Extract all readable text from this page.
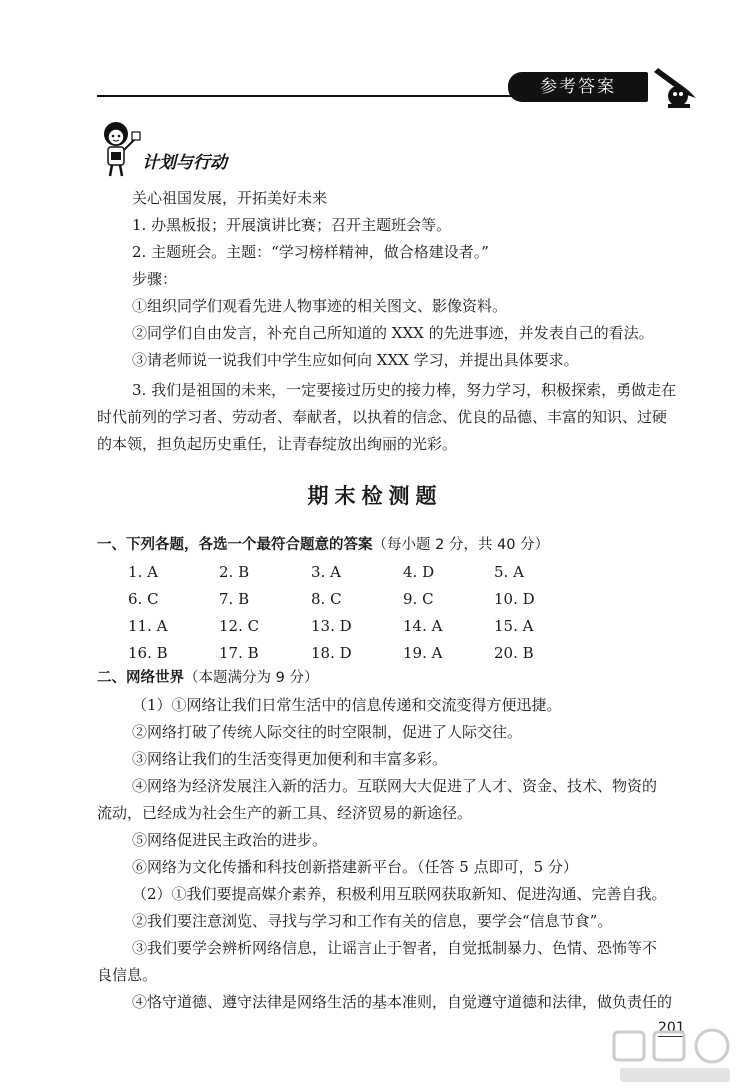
参考答案
计划与行动
关心祖国发展，开拓美好未来
1. 办黑板报；开展演讲比赛；召开主题班会等。
2. 主题班会。主题：“学习榜样精神，做合格建设者。”
步骤：
①组织同学们观看先进人物事迹的相关图文、影像资料。
②同学们自由发言，补充自己所知道的 XXX 的先进事迹，并发表自己的看法。
③请老师说一说我们中学生应如何向 XXX 学习，并提出具体要求。
3. 我们是祖国的未来，一定要接过历史的接力棒，努力学习，积极探索，勇做走在时代前列的学习者、劳动者、奉献者，以执着的信念、优良的品德、丰富的知识、过硬的本领，担负起历史重任，让青春绽放出绚丽的光彩。
期末检测题
一、下列各题，各选一个最符合题意的答案（每小题 2 分，共 40 分）
1. A	2. B	3. A	4. D	5. A
6. C	7. B	8. C	9. C	10. D
11. A	12. C	13. D	14. A	15. A
16. B	17. B	18. D	19. A	20. B
二、网络世界（本题满分为 9 分）
（1）①网络让我们日常生活中的信息传递和交流变得方便迅捷。
②网络打破了传统人际交往的时空限制，促进了人际交往。
③网络让我们的生活变得更加便利和丰富多彩。
④网络为经济发展注入新的活力。互联网大大促进了人才、资金、技术、物资的
流动，已经成为社会生产的新工具、经济贸易的新途径。
⑤网络促进民主政治的进步。
⑥网络为文化传播和科技创新搭建新平台。（任答 5 点即可，5 分）
（2）①我们要提高媒介素养，积极利用互联网获取新知、促进沟通、完善自我。
②我们要注意浏览、寻找与学习和工作有关的信息，要学会“信息节食”。
③我们要学会辨析网络信息，让谣言止于智者，自觉抵制暴力、色情、恐怖等不
良信息。
④恪守道德、遵守法律是网络生活的基本准则，自觉遵守道德和法律，做负责任的
201
